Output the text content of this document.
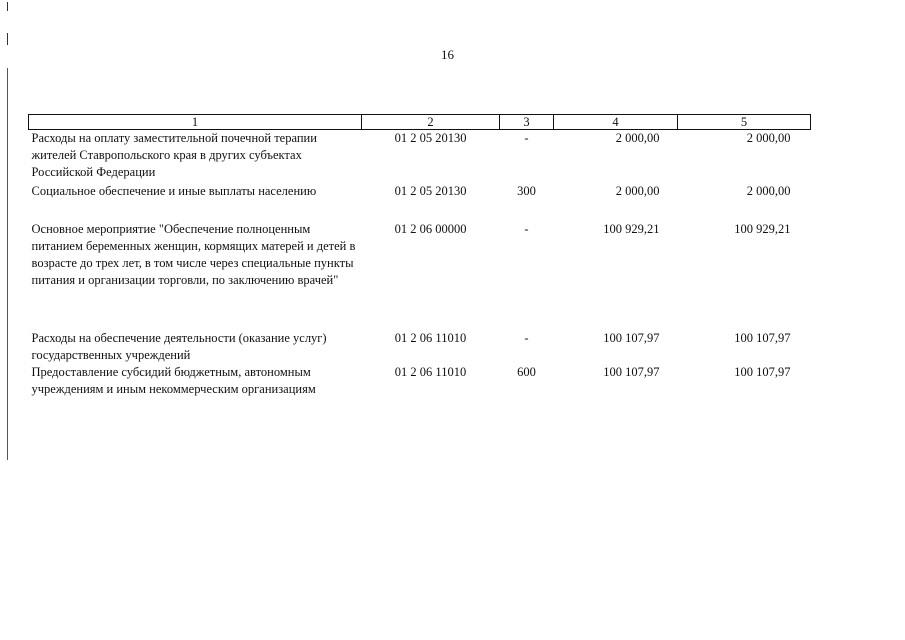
16
1	2	3	4	5
Расходы на оплату заместительной почечной терапии жителей Ставропольского края в других субъектах Российской Федерации	01 2 05 20130	-	2 000,00	2 000,00
Социальное обеспечение и иные выплаты населению	01 2 05 20130	300	2 000,00	2 000,00
Основное мероприятие "Обеспечение полноценным питанием беременных женщин, кормящих матерей и детей в возрасте до трех лет, в том числе через специальные пункты питания и организации торговли, по заключению врачей"	01 2 06 00000	-	100 929,21	100 929,21
Расходы на обеспечение деятельности (оказание услуг) государственных учреждений	01 2 06 11010	-	100 107,97	100 107,97
Предоставление субсидий бюджетным, автономным учреждениям и иным некоммерческим организациям	01 2 06 11010	600	100 107,97	100 107,97
